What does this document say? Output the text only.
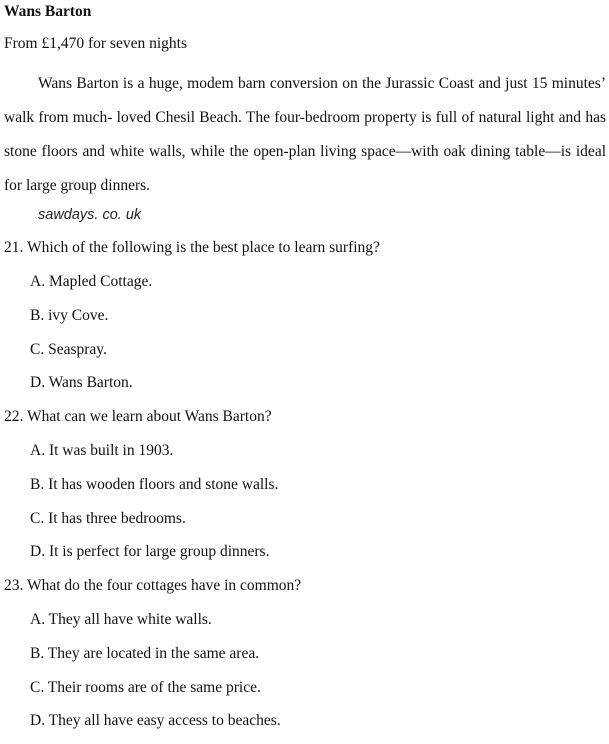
Wans Barton
From £1,470 for seven nights
Wans Barton is a huge, modem barn conversion on the Jurassic Coast and just 15 minutes’ walk from much- loved Chesil Beach. The four-bedroom property is full of natural light and has stone floors and white walls, while the open-plan living space—with oak dining table—is ideal for large group dinners.
sawdays. co. uk
21. Which of the following is the best place to learn surfing?
A. Mapled Cottage.
B. ivy Cove.
C. Seaspray.
D. Wans Barton.
22. What can we learn about Wans Barton?
A. It was built in 1903.
B. It has wooden floors and stone walls.
C. It has three bedrooms.
D. It is perfect for large group dinners.
23. What do the four cottages have in common?
A. They all have white walls.
B. They are located in the same area.
C. Their rooms are of the same price.
D. They all have easy access to beaches.
